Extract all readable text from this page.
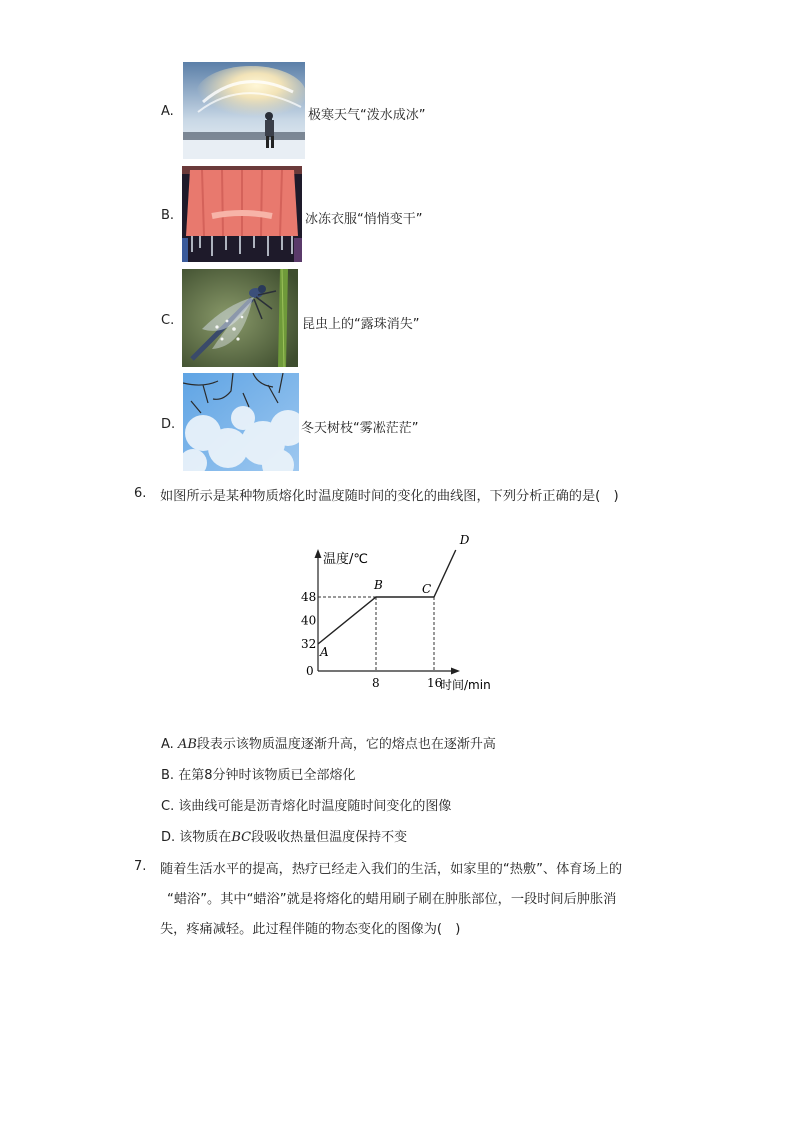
A.	极寒天气“泼水成冰”
B.	冰冻衣服“悄悄变干”
C.	昆虫上的“露珠消失”
D.	冬天树枝“雾凇茫茫”
6. 如图所示是某种物质熔化时温度随时间的变化的曲线图，下列分析正确的是(　)
温度/℃
时间/min
0
32
40
48
8	16
A
B	C
D
A. AB段表示该物质温度逐渐升高，它的熔点也在逐渐升高
B. 在第8分钟时该物质已全部熔化
C. 该曲线可能是沥青熔化时温度随时间变化的图像
D. 该物质在BC段吸收热量但温度保持不变
7. 随着生活水平的提高，热疗已经走入我们的生活，如家里的“热敷”、体育场上的
“蜡浴”。其中“蜡浴”就是将熔化的蜡用刷子刷在肿胀部位，一段时间后肿胀消
失，疼痛减轻。此过程伴随的物态变化的图像为(　)
